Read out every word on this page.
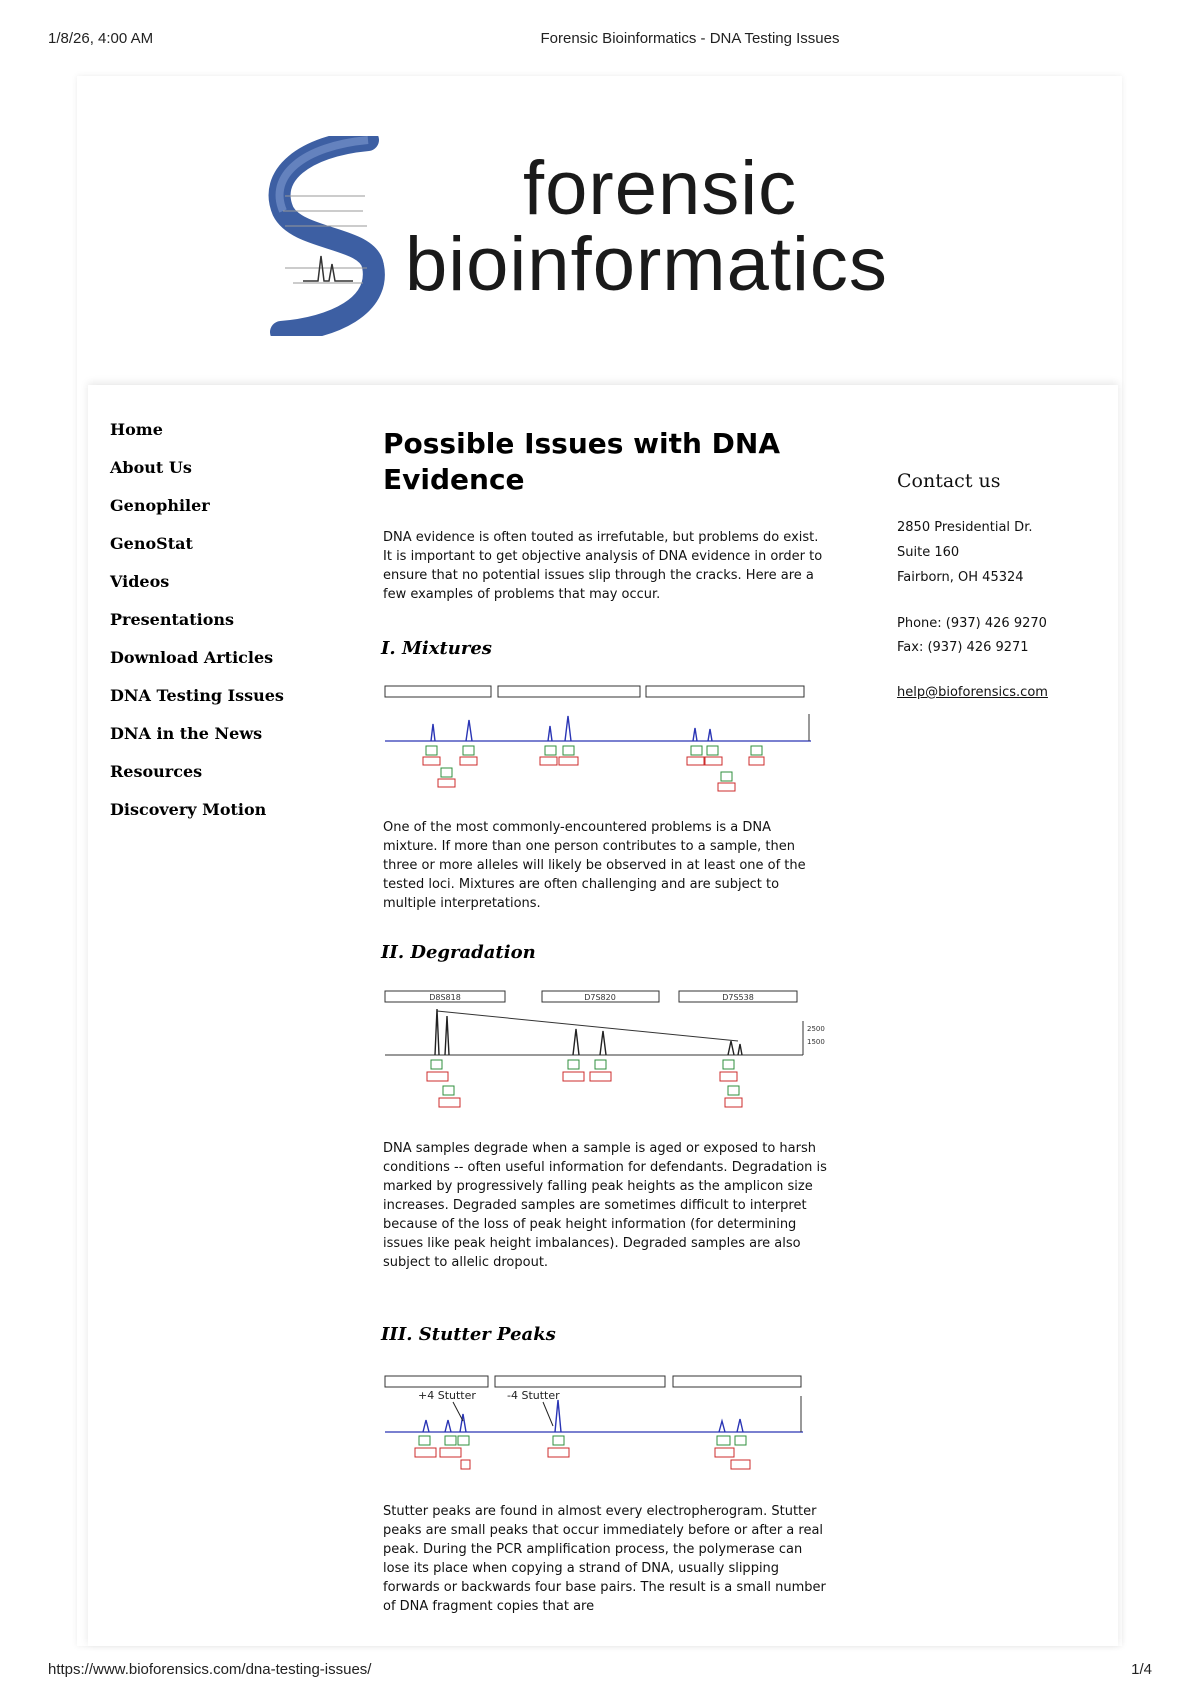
1/8/26, 4:00 AM	Forensic Bioinformatics - DNA Testing Issues
forensic
bioinformatics
Home
About Us
Genophiler
GenoStat
Videos
Presentations
Download Articles
DNA Testing Issues
DNA in the News
Resources
Discovery Motion
Possible Issues with DNA Evidence

DNA evidence is often touted as irrefutable, but problems do exist. It is important to get objective analysis of DNA evidence in order to ensure that no potential issues slip through the cracks. Here are a few examples of problems that may occur.

I. Mixtures

One of the most commonly-encountered problems is a DNA mixture. If more than one person contributes to a sample, then three or more alleles will likely be observed in at least one of the tested loci. Mixtures are often challenging and are subject to multiple interpretations.

II. Degradation
D8S818	D7S820	D7S538
2500
1500

DNA samples degrade when a sample is aged or exposed to harsh conditions -- often useful information for defendants. Degradation is marked by progressively falling peak heights as the amplicon size increases. Degraded samples are sometimes difficult to interpret because of the loss of peak height information (for determining issues like peak height imbalances). Degraded samples are also subject to allelic dropout.

III. Stutter Peaks
+4 Stutter	-4 Stutter

Stutter peaks are found in almost every electropherogram. Stutter peaks are small peaks that occur immediately before or after a real peak. During the PCR amplification process, the polymerase can lose its place when copying a strand of DNA, usually slipping forwards or backwards four base pairs. The result is a small number of DNA fragment copies that are

Contact us
2850 Presidential Dr.
Suite 160
Fairborn, OH 45324
Phone: (937) 426 9270
Fax: (937) 426 9271
help@bioforensics.com
https://www.bioforensics.com/dna-testing-issues/	1/4
